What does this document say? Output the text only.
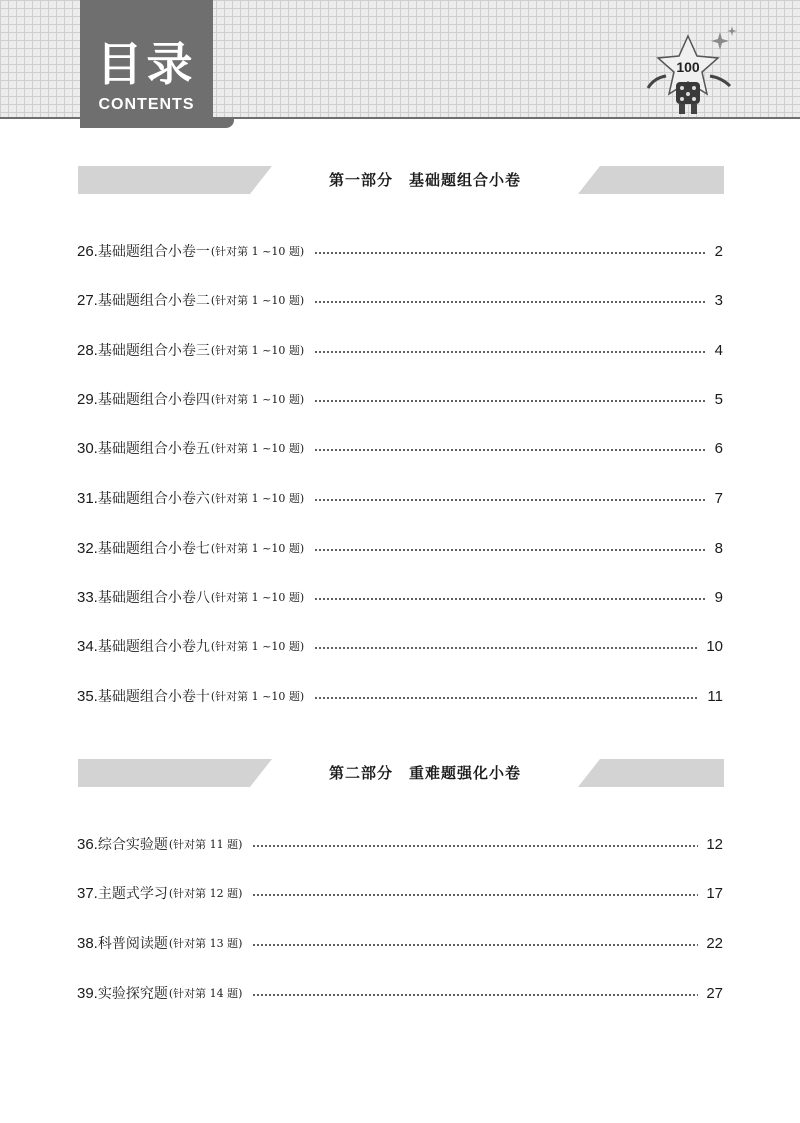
目录
CONTENTS
100
第一部分　基础题组合小卷
26. 基础题组合小卷一 (针对第 1 ~10 题)	2
27. 基础题组合小卷二 (针对第 1 ~10 题)	3
28. 基础题组合小卷三 (针对第 1 ~10 题)	4
29. 基础题组合小卷四 (针对第 1 ~10 题)	5
30. 基础题组合小卷五 (针对第 1 ~10 题)	6
31. 基础题组合小卷六 (针对第 1 ~10 题)	7
32. 基础题组合小卷七 (针对第 1 ~10 题)	8
33. 基础题组合小卷八 (针对第 1 ~10 题)	9
34. 基础题组合小卷九 (针对第 1 ~10 题)	10
35. 基础题组合小卷十 (针对第 1 ~10 题)	11
第二部分　重难题强化小卷
36. 综合实验题 (针对第 11 题)	12
37. 主题式学习 (针对第 12 题)	17
38. 科普阅读题 (针对第 13 题)	22
39. 实验探究题 (针对第 14 题)	27
